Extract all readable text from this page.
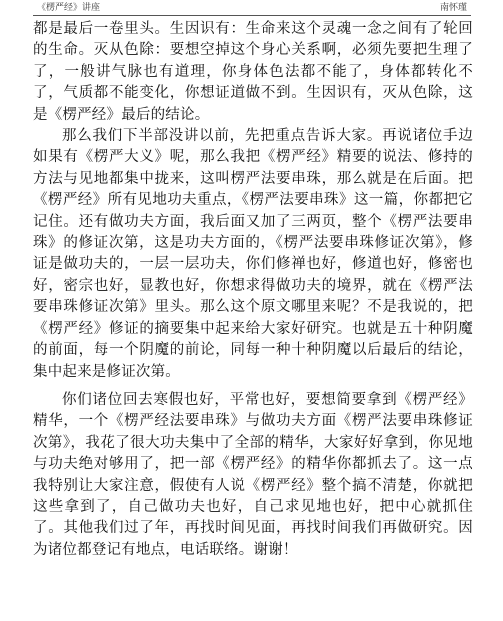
《楞严经》讲座	南怀瑾

都是最后一卷里头。生因识有：生命来这个灵魂一念之间有了轮回的生命。灭从色除：要想空掉这个身心关系啊，必须先要把生理了了，一般讲气脉也有道理，你身体色法都不能了，身体都转化不了，气质都不能变化，你想证道做不到。生因识有，灭从色除，这是《楞严经》最后的结论。

那么我们下半部没讲以前，先把重点告诉大家。再说诸位手边如果有《楞严大义》呢，那么我把《楞严经》精要的说法、修持的方法与见地都集中拢来，这叫楞严法要串珠，那么就是在后面。把《楞严经》所有见地功夫重点，《楞严法要串珠》这一篇，你都把它记住。还有做功夫方面，我后面又加了三两页，整个《楞严法要串珠》的修证次第，这是功夫方面的，《楞严法要串珠修证次第》，修证是做功夫的，一层一层功夫，你们修禅也好，修道也好，修密也好，密宗也好，显教也好，你想求得做功夫的境界，就在《楞严法要串珠修证次第》里头。那么这个原文哪里来呢？不是我说的，把《楞严经》修证的摘要集中起来给大家好研究。也就是五十种阴魔的前面，每一个阴魔的前论，同每一种十种阴魔以后最后的结论，集中起来是修证次第。

你们诸位回去寒假也好，平常也好，要想简要拿到《楞严经》精华，一个《楞严经法要串珠》与做功夫方面《楞严法要串珠修证次第》，我花了很大功夫集中了全部的精华，大家好好拿到，你见地与功夫绝对够用了，把一部《楞严经》的精华你都抓去了。这一点我特别让大家注意，假使有人说《楞严经》整个搞不清楚，你就把这些拿到了，自己做功夫也好，自己求见地也好，把中心就抓住了。其他我们过了年，再找时间见面，再找时间我们再做研究。因为诸位都登记有地点，电话联络。谢谢！
